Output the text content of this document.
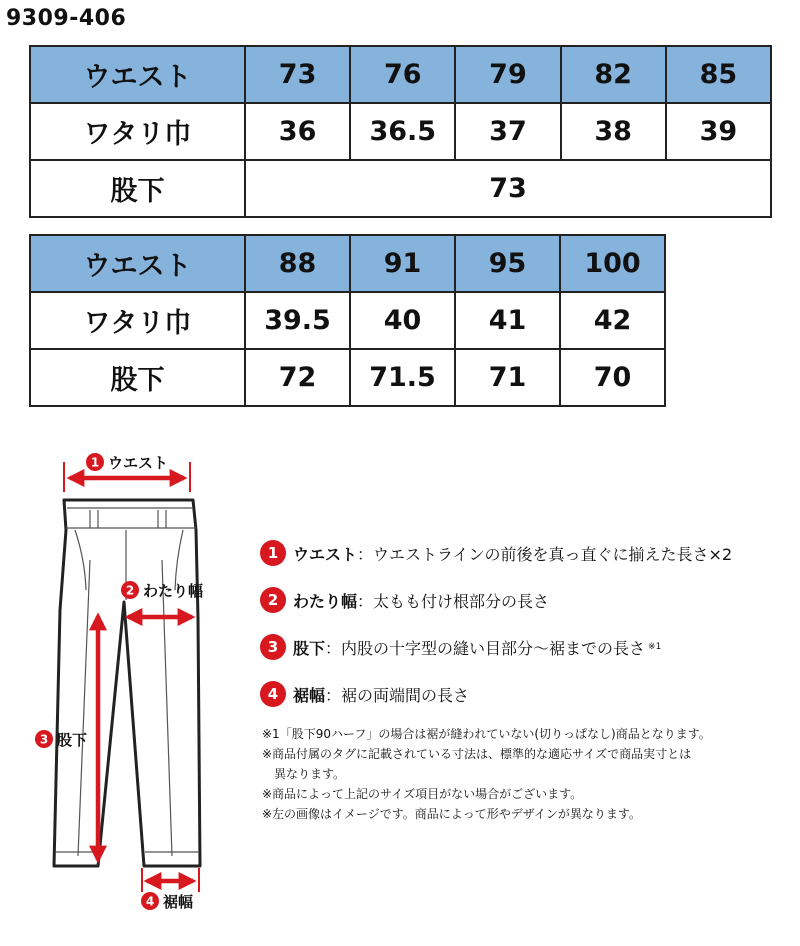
9309-406
ウエスト	73	76	79	82	85
ワタリ巾	36	36.5	37	38	39
股下	73				
ウエスト	88	91	95	100
ワタリ巾	39.5	40	41	42
股下	72	71.5	71	70
1 ウエスト
2 わたり幅
3 股下
4 裾幅
1 ウエスト ：ウエストラインの前後を真っ直ぐに揃えた長さ×2
2 わたり幅 ：太もも付け根部分の長さ
3 股下 ：内股の十字型の縫い目部分～裾までの長さ ※1
4 裾幅 ：裾の両端間の長さ
※1「股下90ハーフ」の場合は裾が縫われていない(切りっぱなし)商品となります。
※商品付属のタグに記載されている寸法は、標準的な適応サイズで商品実寸とは
異なります。
※商品によって上記のサイズ項目がない場合がございます。
※左の画像はイメージです。商品によって形やデザインが異なります。
